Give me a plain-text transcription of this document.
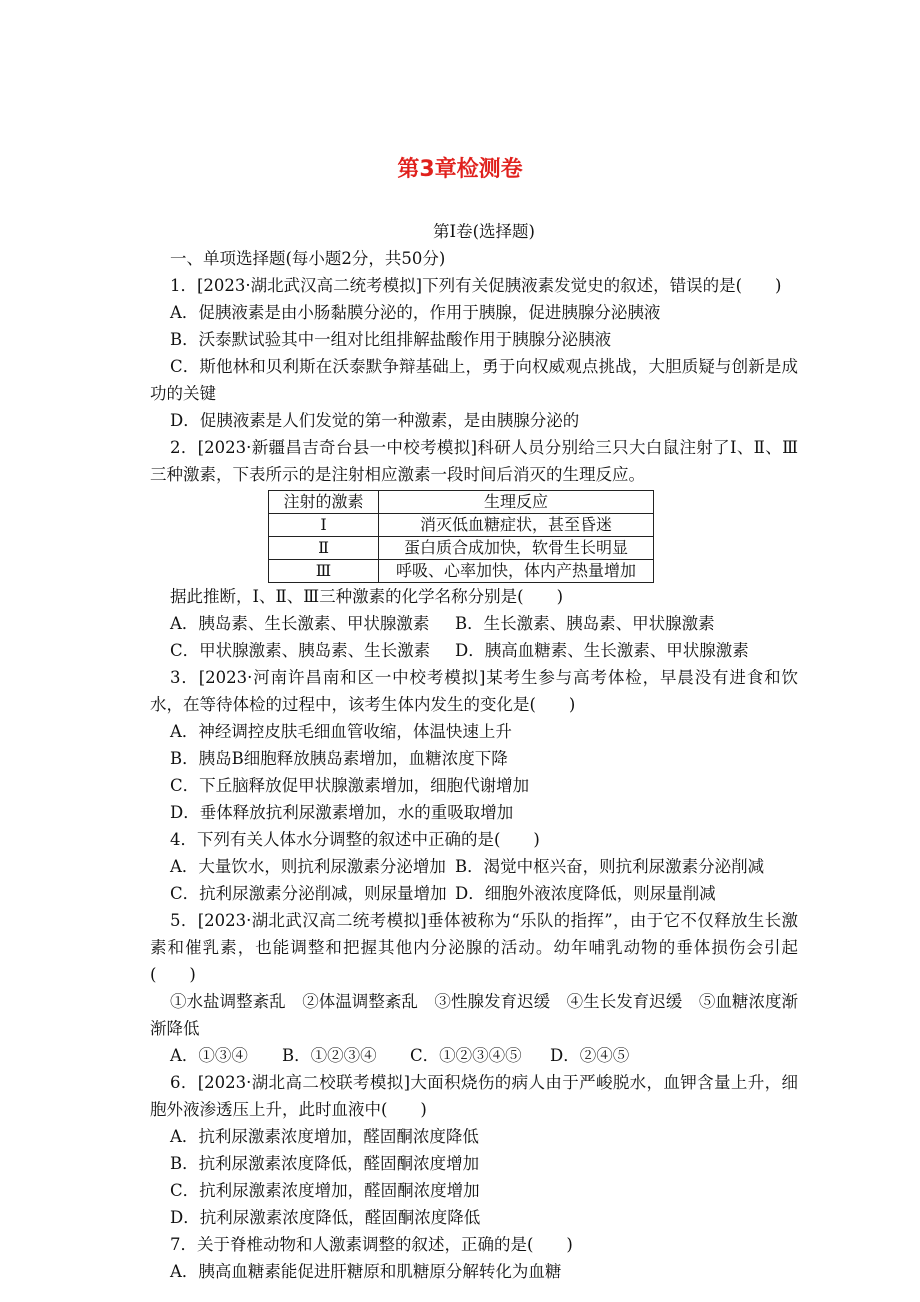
第3章检测卷
第Ⅰ卷(选择题)

一、单项选择题(每小题2分，共50分)

1．[2023·湖北武汉高二统考模拟]下列有关促胰液素发觉史的叙述，错误的是(　　)

A．促胰液素是由小肠黏膜分泌的，作用于胰腺，促进胰腺分泌胰液

B．沃泰默试验其中一组对比组排解盐酸作用于胰腺分泌胰液

C．斯他林和贝利斯在沃泰默争辩基础上，勇于向权威观点挑战，大胆质疑与创新是成功的关键

D．促胰液素是人们发觉的第一种激素，是由胰腺分泌的

2．[2023·新疆昌吉奇台县一中校考模拟]科研人员分别给三只大白鼠注射了Ⅰ、Ⅱ、Ⅲ三种激素，下表所示的是注射相应激素一段时间后消灭的生理反应。

注射的激素	生理反应
Ⅰ	消灭低血糖症状，甚至昏迷
Ⅱ	蛋白质合成加快，软骨生长明显
Ⅲ	呼吸、心率加快，体内产热量增加

据此推断，Ⅰ、Ⅱ、Ⅲ三种激素的化学名称分别是(　　)

A．胰岛素、生长激素、甲状腺激素	B．生长激素、胰岛素、甲状腺激素
C．甲状腺激素、胰岛素、生长激素	D．胰高血糖素、生长激素、甲状腺激素

3．[2023·河南许昌南和区一中校考模拟]某考生参与高考体检，早晨没有进食和饮水，在等待体检的过程中，该考生体内发生的变化是(　　)

A．神经调控皮肤毛细血管收缩，体温快速上升

B．胰岛B细胞释放胰岛素增加，血糖浓度下降

C．下丘脑释放促甲状腺激素增加，细胞代谢增加

D．垂体释放抗利尿激素增加，水的重吸取增加

4．下列有关人体水分调整的叙述中正确的是(　　)

A．大量饮水，则抗利尿激素分泌增加 B．渴觉中枢兴奋，则抗利尿激素分泌削减
C．抗利尿激素分泌削减，则尿量增加 D．细胞外液浓度降低，则尿量削减

5．[2023·湖北武汉高二统考模拟]垂体被称为“乐队的指挥”，由于它不仅释放生长激素和催乳素，也能调整和把握其他内分泌腺的活动。幼年哺乳动物的垂体损伤会引起(　　)

①水盐调整紊乱　②体温调整紊乱　③性腺发育迟缓　④生长发育迟缓　⑤血糖浓度渐渐降低

A．①③④	B．①②③④	C．①②③④⑤	D．②④⑤

6．[2023·湖北高二校联考模拟]大面积烧伤的病人由于严峻脱水，血钾含量上升，细胞外液渗透压上升，此时血液中(　　)

A．抗利尿激素浓度增加，醛固酮浓度降低

B．抗利尿激素浓度降低，醛固酮浓度增加

C．抗利尿激素浓度增加，醛固酮浓度增加

D．抗利尿激素浓度降低，醛固酮浓度降低

7．关于脊椎动物和人激素调整的叙述，正确的是(　　)

A．胰高血糖素能促进肝糖原和肌糖原分解转化为血糖
